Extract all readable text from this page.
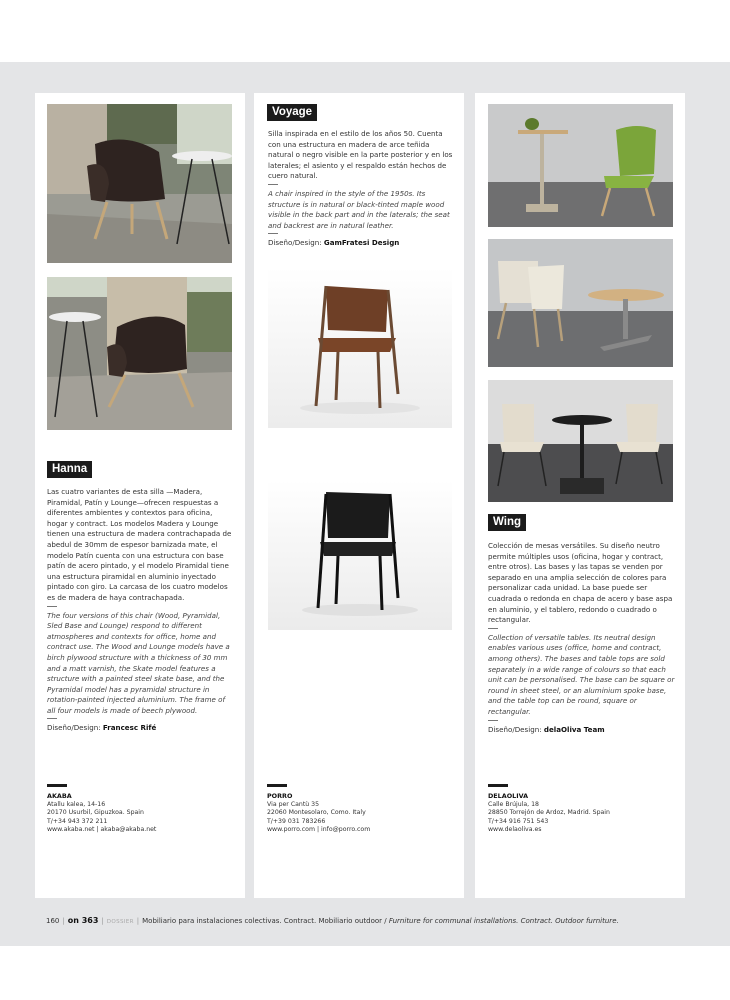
Hanna

Las cuatro variantes de esta silla —Madera, Piramidal, Patín y Lounge—ofrecen respuestas a diferentes ambientes y contextos para oficina, hogar y contract. Los modelos Madera y Lounge tienen una estructura de madera contrachapada de abedul de 30mm de espesor barnizada mate, el modelo Patín cuenta con una estructura con base patín de acero pintado, y el modelo Piramidal tiene una estructura piramidal en aluminio inyectado pintado con giro. La carcasa de los cuatro modelos es de madera de haya contrachapada.

The four versions of this chair (Wood, Pyramidal, Sled Base and Lounge) respond to different atmospheres and contexts for office, home and contract use. The Wood and Lounge models have a birch plywood structure with a thickness of 30 mm and a matt varnish, the Skate model features a structure with a painted steel skate base, and the Pyramidal model has a pyramidal structure in rotation-painted injected aluminium. The frame of all four models is made of beech plywood.

Diseño/Design: Francesc Rifé

AKABA
Atallu kalea, 14-16
20170 Usurbil, Gipuzkoa. Spain
T/+34 943 372 211
www.akaba.net | akaba@akaba.net
Voyage

Silla inspirada en el estilo de los años 50. Cuenta con una estructura en madera de arce teñida natural o negro visible en la parte posterior y en los laterales; el asiento y el respaldo están hechos de cuero natural.

A chair inspired in the style of the 1950s. Its structure is in natural or black-tinted maple wood visible in the back part and in the laterals; the seat and backrest are in natural leather.

Diseño/Design: GamFratesi Design

PORRO
Via per Cantù 35
22060 Montesolaro, Como. Italy
T/+39 031 783266
www.porro.com | info@porro.com
Wing

Colección de mesas versátiles. Su diseño neutro permite múltiples usos (oficina, hogar y contract, entre otros). Las bases y las tapas se venden por separado en una amplia selección de colores para personalizar cada unidad. La base puede ser cuadrada o redonda en chapa de acero y base aspa en aluminio, y el tablero, redondo o cuadrado o rectangular.

Collection of versatile tables. Its neutral design enables various uses (office, home and contract, among others). The bases and table tops are sold separately in a wide range of colours so that each unit can be personalised. The base can be square or round in sheet steel, or an aluminium spoke base, and the table top can be round, square or rectangular.

Diseño/Design: delaOliva Team

DELAOLIVA
Calle Brújula, 18
28850 Torrejón de Ardoz, Madrid. Spain
T/+34 916 751 543
www.delaoliva.es
160 | on 363 | DOSSIER | Mobiliario para instalaciones colectivas. Contract. Mobiliario outdoor / Furniture for communal installations. Contract. Outdoor furniture.
